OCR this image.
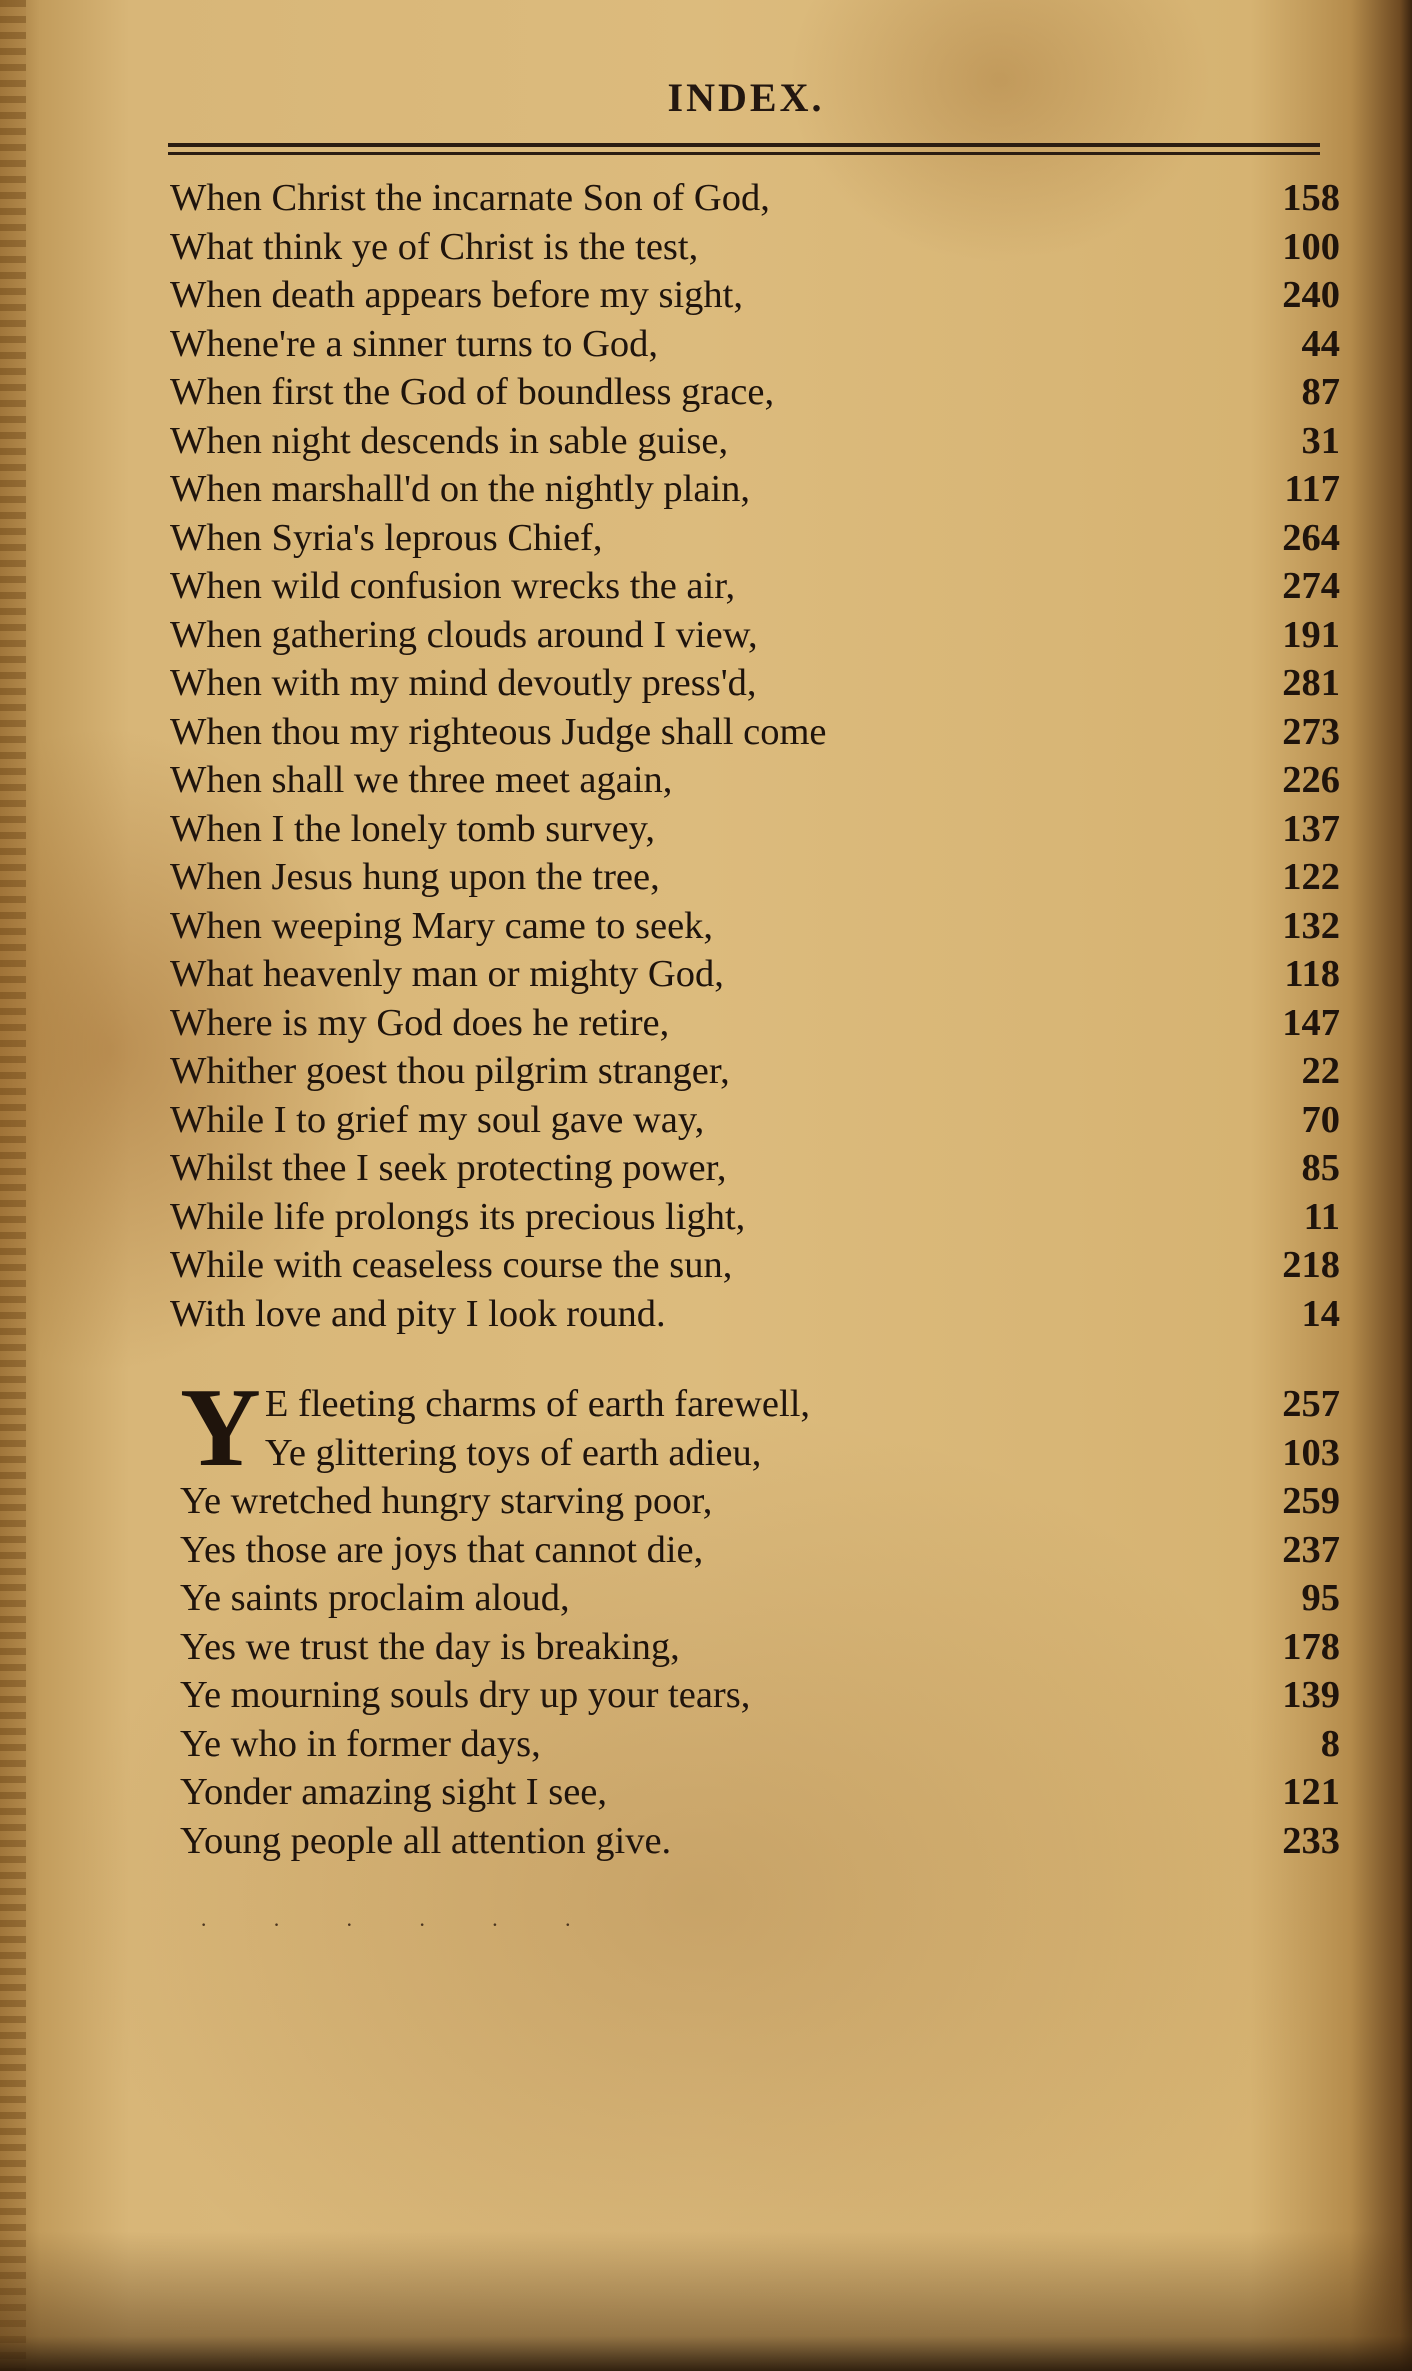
INDEX.
When Christ the incarnate Son of God,	158
What think ye of Christ is the test,	100
When death appears before my sight,	240
Whene're a sinner turns to God,	44
When first the God of boundless grace,	87
When night descends in sable guise,	31
When marshall'd on the nightly plain,	117
When Syria's leprous Chief,	264
When wild confusion wrecks the air,	274
When gathering clouds around I view,	191
When with my mind devoutly press'd,	281
When thou my righteous Judge shall come	273
When shall we three meet again,	226
When I the lonely tomb survey,	137
When Jesus hung upon the tree,	122
When weeping Mary came to seek,	132
What heavenly man or mighty God,	118
Where is my God does he retire,	147
Whither goest thou pilgrim stranger,	22
While I to grief my soul gave way,	70
Whilst thee I seek protecting power,	85
While life prolongs its precious light,	11
While with ceaseless course the sun,	218
With love and pity I look round.	14
Y E fleeting charms of earth farewell,	257
Ye glittering toys of earth adieu,	103
Ye wretched hungry starving poor,	259
Yes those are joys that cannot die,	237
Ye saints proclaim aloud,	95
Yes we trust the day is breaking,	178
Ye mourning souls dry up your tears,	139
Ye who in former days,	8
Yonder amazing sight I see,	121
Young people all attention give.	233
· · · · · ·
